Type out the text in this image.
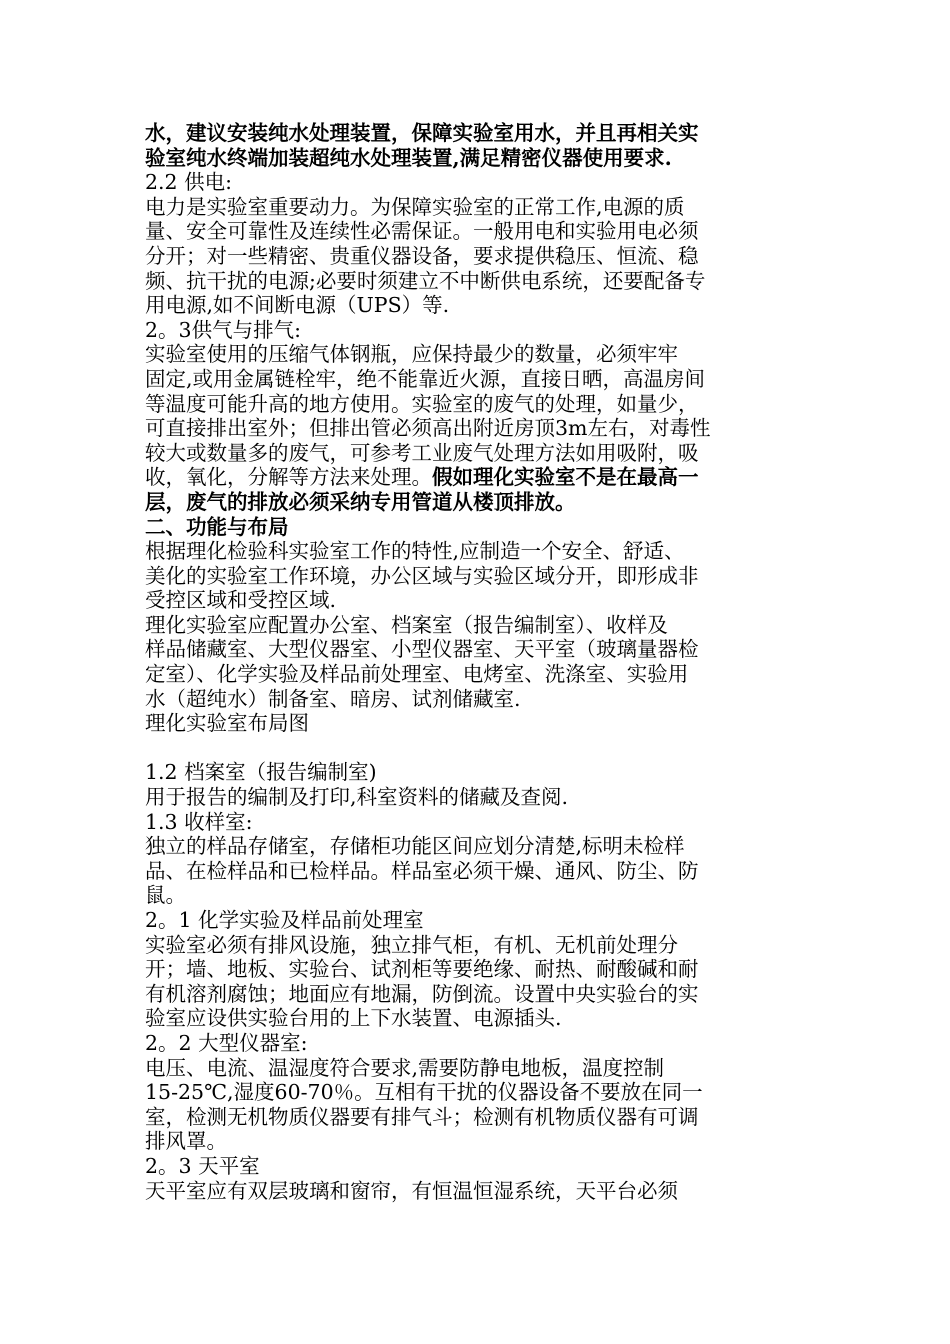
水，建议安装纯水处理装置，保障实验室用水，并且再相关实

验室纯水终端加装超纯水处理装置,满足精密仪器使用要求.

2.2 供电:

电力是实验室重要动力。为保障实验室的正常工作,电源的质

量、安全可靠性及连续性必需保证。一般用电和实验用电必须

分开；对一些精密、贵重仪器设备，要求提供稳压、恒流、稳

频、抗干扰的电源;必要时须建立不中断供电系统，还要配备专

用电源,如不间断电源（UPS）等.

2。3供气与排气:

实验室使用的压缩气体钢瓶，应保持最少的数量，必须牢牢

固定,或用金属链栓牢，绝不能靠近火源，直接日晒，高温房间

等温度可能升高的地方使用。实验室的废气的处理，如量少，

可直接排出室外；但排出管必须高出附近房顶3m左右，对毒性

较大或数量多的废气，可参考工业废气处理方法如用吸附，吸

收，氧化，分解等方法来处理。假如理化实验室不是在最高一

层，废气的排放必须采纳专用管道从楼顶排放。

二、功能与布局

根据理化检验科实验室工作的特性,应制造一个安全、舒适、

美化的实验室工作环境，办公区域与实验区域分开，即形成非

受控区域和受控区域.

理化实验室应配置办公室、档案室（报告编制室）、收样及

样品储藏室、大型仪器室、小型仪器室、天平室（玻璃量器检

定室）、化学实验及样品前处理室、电烤室、洗涤室、实验用

水（超纯水）制备室、暗房、试剂储藏室.

理化实验室布局图

1.2 档案室（报告编制室)

用于报告的编制及打印,科室资料的储藏及查阅.

1.3 收样室:

独立的样品存储室，存储柜功能区间应划分清楚,标明未检样

品、在检样品和已检样品。样品室必须干燥、通风、防尘、防

鼠。

2。1 化学实验及样品前处理室

实验室必须有排风设施，独立排气柜，有机、无机前处理分

开；墙、地板、实验台、试剂柜等要绝缘、耐热、耐酸碱和耐

有机溶剂腐蚀；地面应有地漏，防倒流。设置中央实验台的实

验室应设供实验台用的上下水装置、电源插头.

2。2 大型仪器室:

电压、电流、温湿度符合要求,需要防静电地板，温度控制

15-25℃,湿度60-70％。互相有干扰的仪器设备不要放在同一

室，检测无机物质仪器要有排气斗；检测有机物质仪器有可调

排风罩。

2。3 天平室

天平室应有双层玻璃和窗帘，有恒温恒湿系统，天平台必须
